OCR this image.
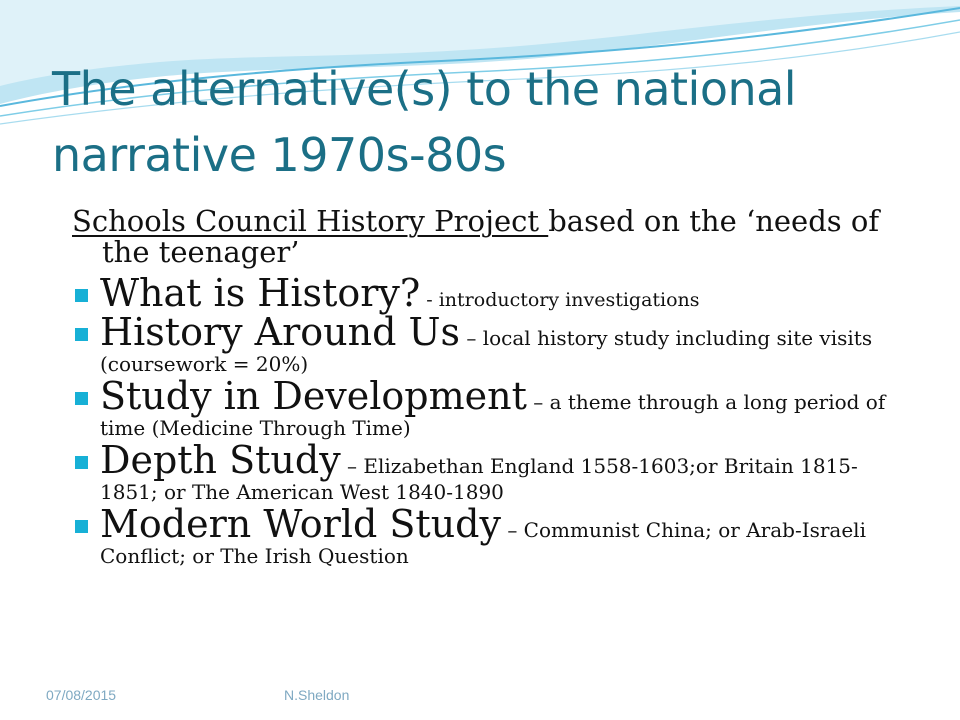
The alternative(s) to the national narrative 1970s-80s

Schools Council History Project based on the ‘needs of the teenager’

What is History? - introductory investigations

History Around Us – local history study including site visits (coursework = 20%)

Study in Development – a theme through a long period of time (Medicine Through Time)

Depth Study – Elizabethan England 1558-1603;or Britain 1815-1851; or The American West 1840-1890

Modern World Study – Communist China; or Arab-Israeli Conflict; or The Irish Question

07/08/2015	N.Sheldon
